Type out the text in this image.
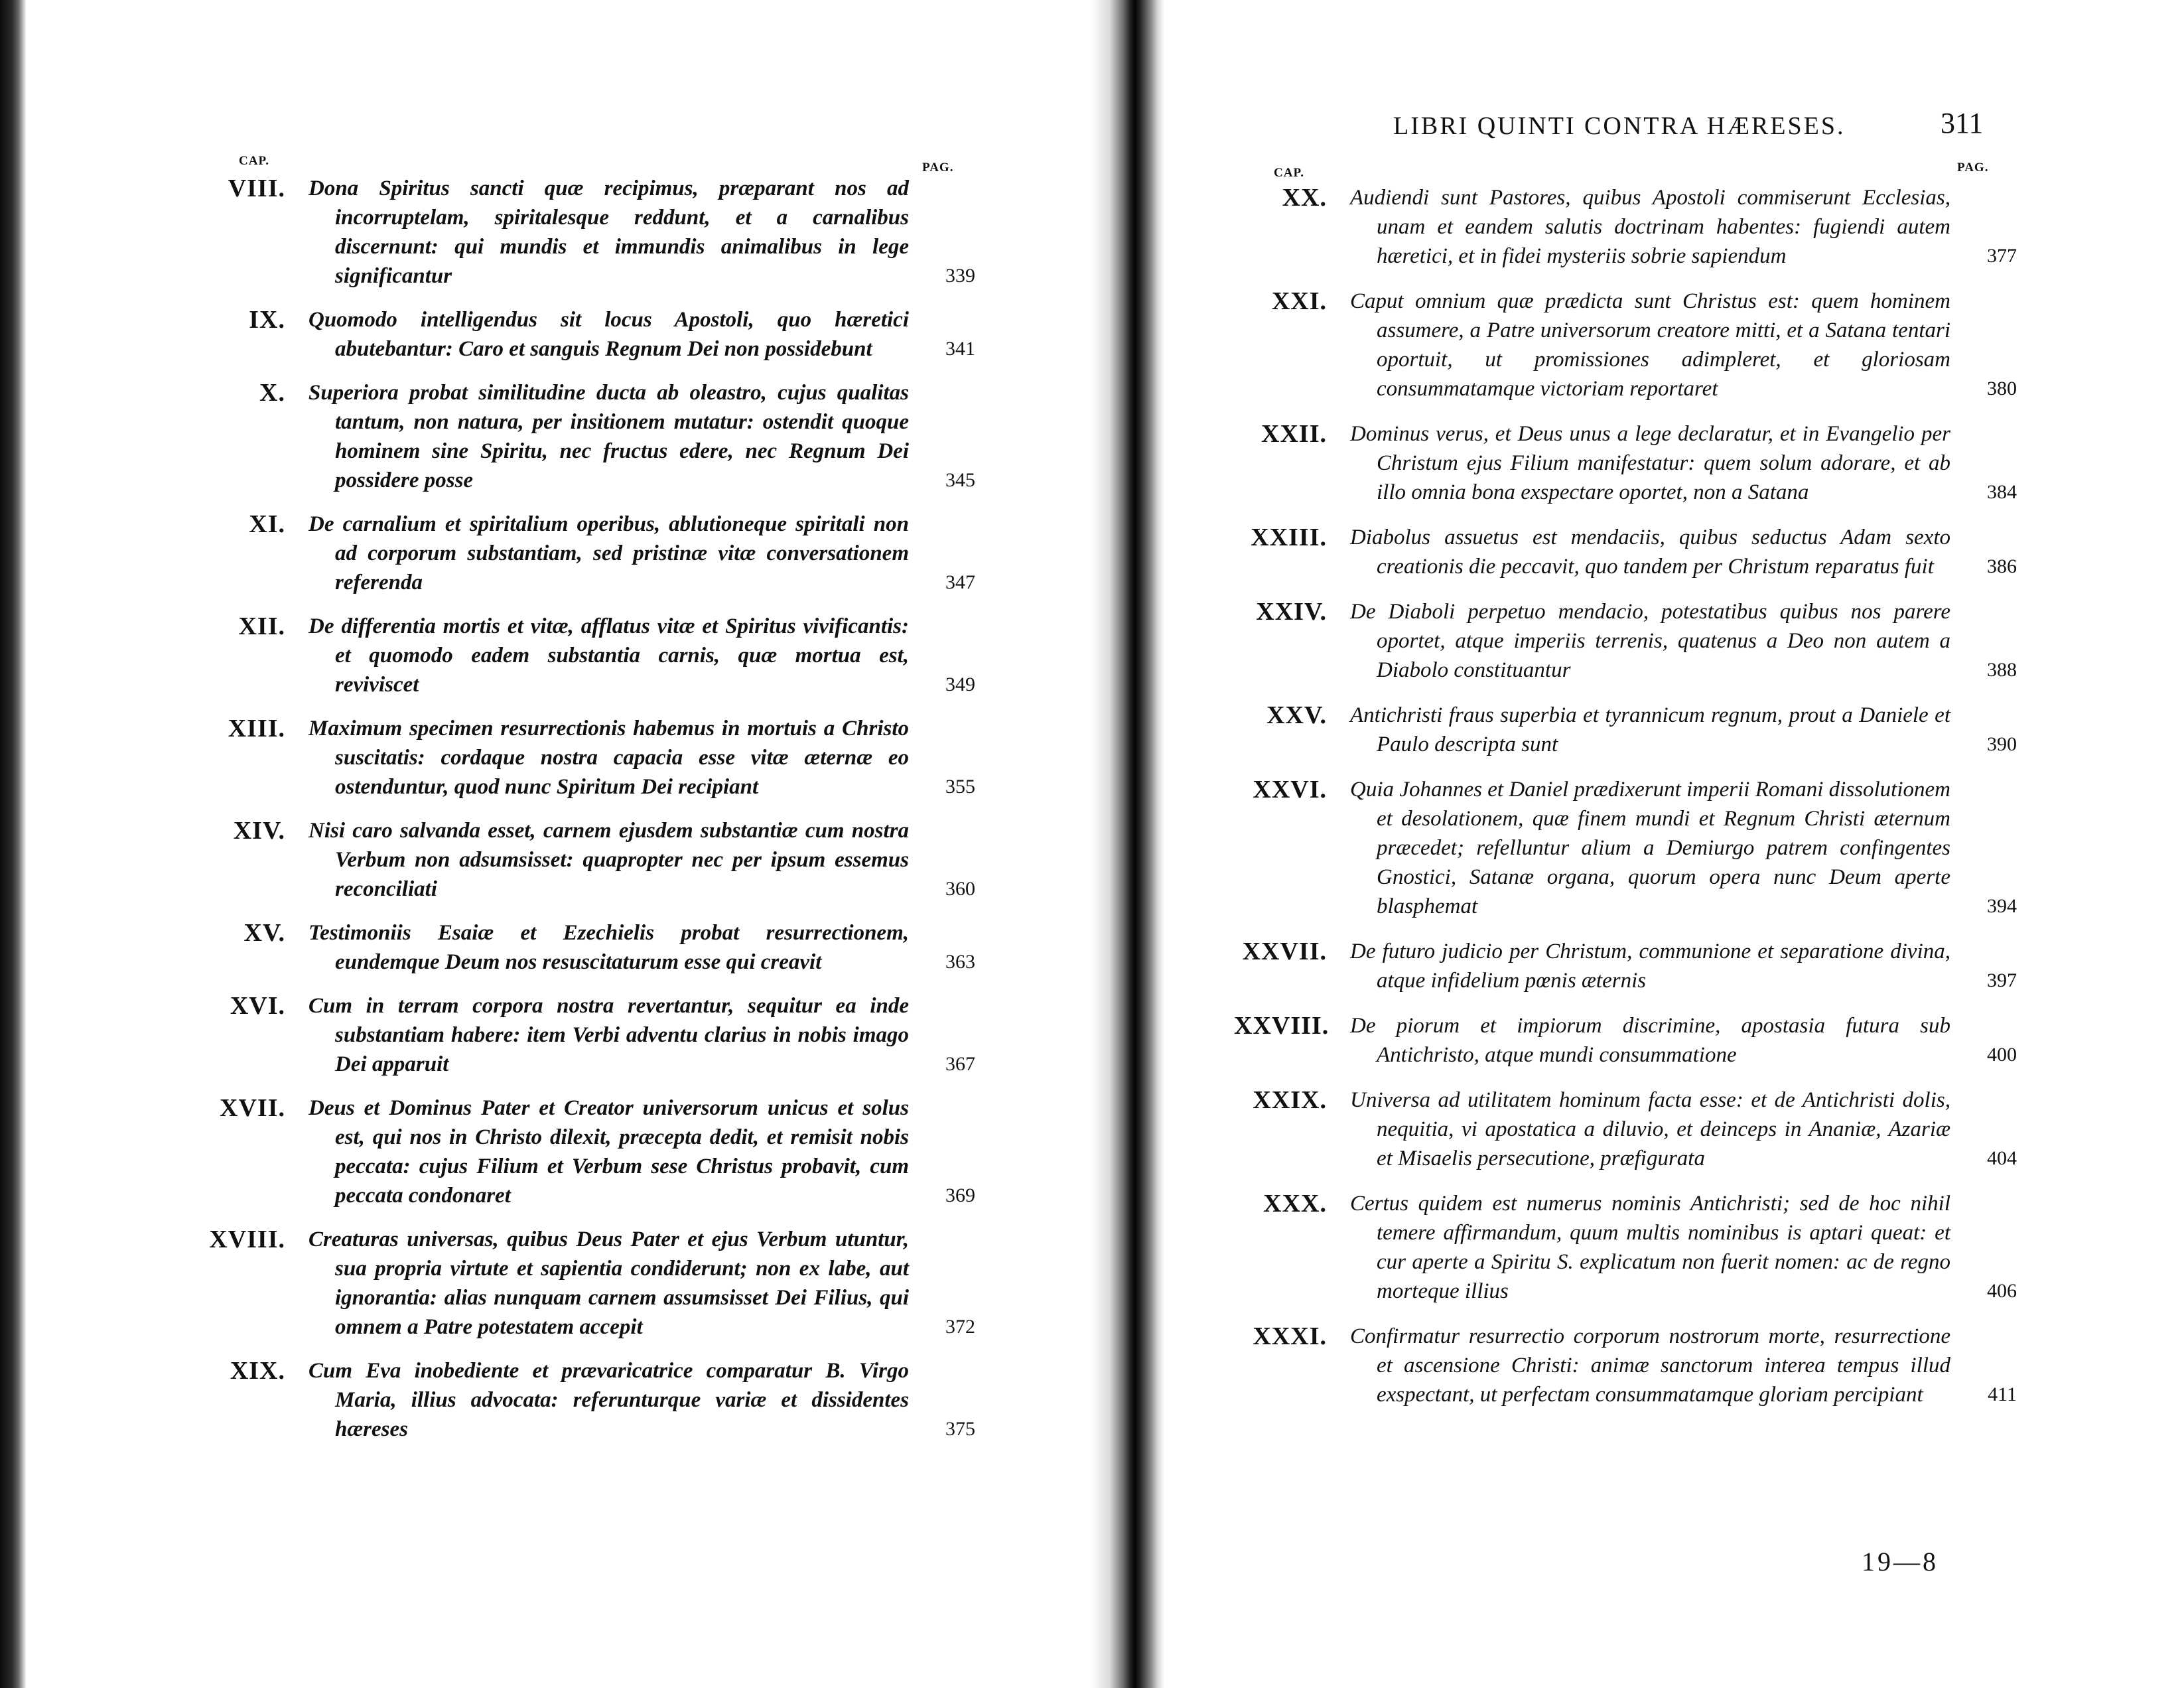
CAP.	PAG.
VIII. Dona Spiritus sancti quæ recipimus, præparant nos ad incorruptelam, spiritalesque reddunt, et a carnalibus discernunt: qui mundis et immundis animalibus in lege significantur	339
IX. Quomodo intelligendus sit locus Apostoli, quo hæretici abutebantur: Caro et sanguis Regnum Dei non possidebunt	341
X. Superiora probat similitudine ducta ab oleastro, cujus qualitas tantum, non natura, per insitionem mutatur: ostendit quoque hominem sine Spiritu, nec fructus edere, nec Regnum Dei possidere posse	345
XI. De carnalium et spiritalium operibus, ablutioneque spiritali non ad corporum substantiam, sed pristinæ vitæ conversationem referenda	347
XII. De differentia mortis et vitæ, afflatus vitæ et Spiritus vivificantis: et quomodo eadem substantia carnis, quæ mortua est, reviviscet	349
XIII. Maximum specimen resurrectionis habemus in mortuis a Christo suscitatis: cordaque nostra capacia esse vitæ æternæ eo ostenduntur, quod nunc Spiritum Dei recipiant	355
XIV. Nisi caro salvanda esset, carnem ejusdem substantiæ cum nostra Verbum non adsumsisset: quapropter nec per ipsum essemus reconciliati	360
XV. Testimoniis Esaiæ et Ezechielis probat resurrectionem, eundemque Deum nos resuscitaturum esse qui creavit	363
XVI. Cum in terram corpora nostra revertantur, sequitur ea inde substantiam habere: item Verbi adventu clarius in nobis imago Dei apparuit	367
XVII. Deus et Dominus Pater et Creator universorum unicus et solus est, qui nos in Christo dilexit, præcepta dedit, et remisit nobis peccata: cujus Filium et Verbum sese Christus probavit, cum peccata condonaret	369
XVIII. Creaturas universas, quibus Deus Pater et ejus Verbum utuntur, sua propria virtute et sapientia condiderunt; non ex labe, aut ignorantia: alias nunquam carnem assumsisset Dei Filius, qui omnem a Patre potestatem accepit	372
XIX. Cum Eva inobediente et prævaricatrice comparatur B. Virgo Maria, illius advocata: referunturque variæ et dissidentes hæreses	375
LIBRI QUINTI CONTRA HÆRESES.	311
CAP.	PAG.
XX. Audiendi sunt Pastores, quibus Apostoli commiserunt Ecclesias, unam et eandem salutis doctrinam habentes: fugiendi autem hæretici, et in fidei mysteriis sobrie sapiendum	377
XXI. Caput omnium quæ prædicta sunt Christus est: quem hominem assumere, a Patre universorum creatore mitti, et a Satana tentari oportuit, ut promissiones adimpleret, et gloriosam consummatamque victoriam reportaret	380
XXII. Dominus verus, et Deus unus a lege declaratur, et in Evangelio per Christum ejus Filium manifestatur: quem solum adorare, et ab illo omnia bona exspectare oportet, non a Satana	384
XXIII. Diabolus assuetus est mendaciis, quibus seductus Adam sexto creationis die peccavit, quo tandem per Christum reparatus fuit	386
XXIV. De Diaboli perpetuo mendacio, potestatibus quibus nos parere oportet, atque imperiis terrenis, quatenus a Deo non autem a Diabolo constituantur	388
XXV. Antichristi fraus superbia et tyrannicum regnum, prout a Daniele et Paulo descripta sunt	390
XXVI. Quia Johannes et Daniel prædixerunt imperii Romani dissolutionem et desolationem, quæ finem mundi et Regnum Christi æternum præcedet; refelluntur alium a Demiurgo patrem confingentes Gnostici, Satanæ organa, quorum opera nunc Deum aperte blasphemat	394
XXVII. De futuro judicio per Christum, communione et separatione divina, atque infidelium pœnis æternis	397
XXVIII. De piorum et impiorum discrimine, apostasia futura sub Antichristo, atque mundi consummatione	400
XXIX. Universa ad utilitatem hominum facta esse: et de Antichristi dolis, nequitia, vi apostatica a diluvio, et deinceps in Ananiæ, Azariæ et Misaelis persecutione, præfigurata	404
XXX. Certus quidem est numerus nominis Antichristi; sed de hoc nihil temere affirmandum, quum multis nominibus is aptari queat: et cur aperte a Spiritu S. explicatum non fuerit nomen: ac de regno morteque illius	406
XXXI. Confirmatur resurrectio corporum nostrorum morte, resurrectione et ascensione Christi: animæ sanctorum interea tempus illud exspectant, ut perfectam consummatamque gloriam percipiant	411
19—8
